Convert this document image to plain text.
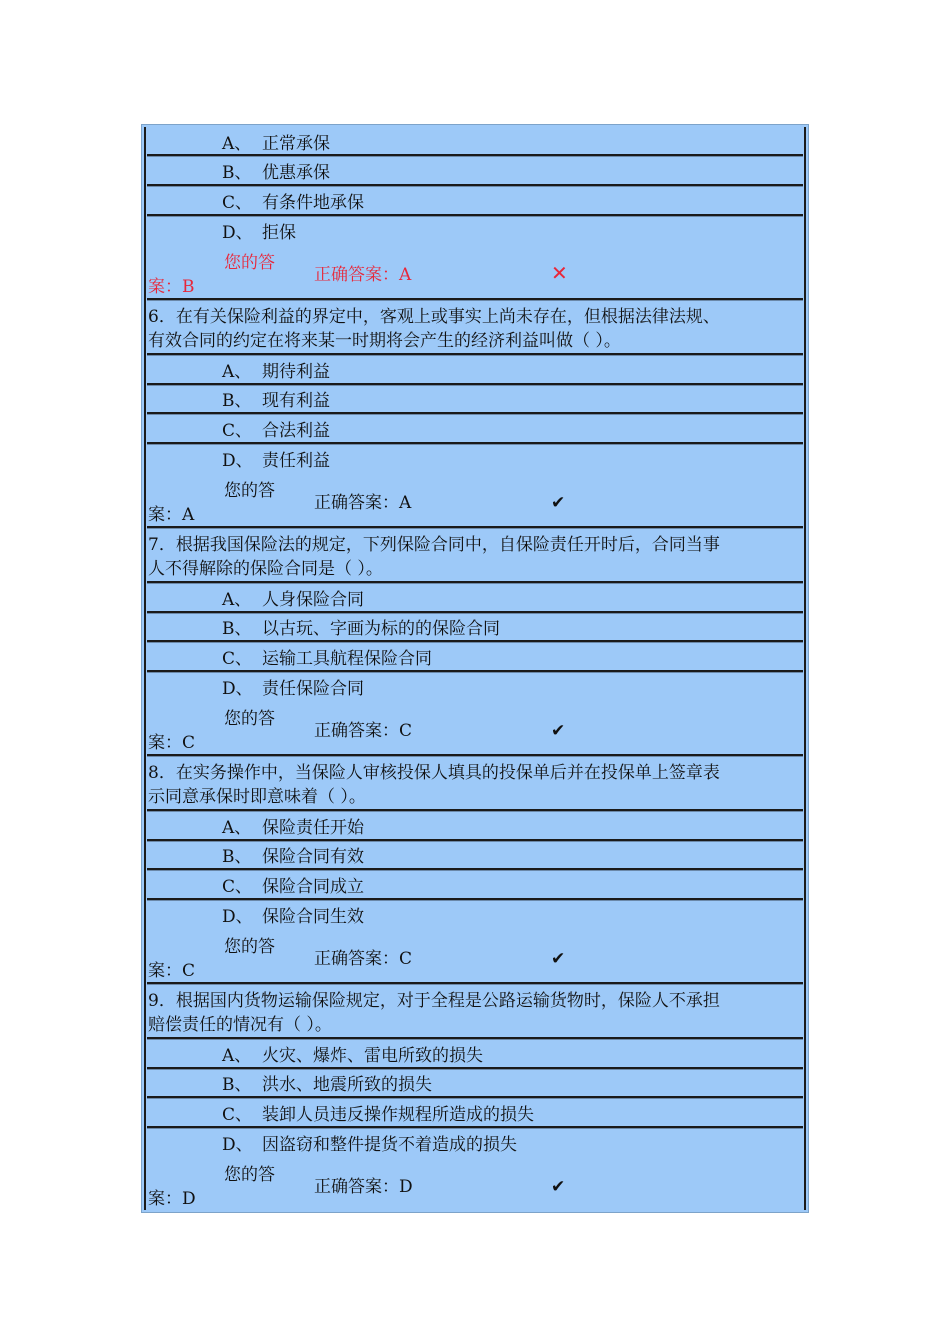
A、 正常承保
B、 优惠承保
C、 有条件地承保
D、 拒保
您的答
正确答案：A	✕
案：B
6．在有关保险利益的界定中，客观上或事实上尚未存在，但根据法律法规、
有效合同的约定在将来某一时期将会产生的经济利益叫做（ ）。
A、 期待利益
B、 现有利益
C、 合法利益
D、 责任利益
您的答
正确答案：A	✔
案：A
7．根据我国保险法的规定，下列保险合同中，自保险责任开时后，合同当事
人不得解除的保险合同是（ ）。
A、 人身保险合同
B、 以古玩、字画为标的的保险合同
C、 运输工具航程保险合同
D、 责任保险合同
您的答
正确答案：C	✔
案：C
8．在实务操作中，当保险人审核投保人填具的投保单后并在投保单上签章表
示同意承保时即意味着（ ）。
A、 保险责任开始
B、 保险合同有效
C、 保险合同成立
D、 保险合同生效
您的答
正确答案：C	✔
案：C
9．根据国内货物运输保险规定，对于全程是公路运输货物时，保险人不承担
赔偿责任的情况有（ ）。
A、 火灾、爆炸、雷电所致的损失
B、 洪水、地震所致的损失
C、 装卸人员违反操作规程所造成的损失
D、 因盗窃和整件提货不着造成的损失
您的答
正确答案：D	✔
案：D
